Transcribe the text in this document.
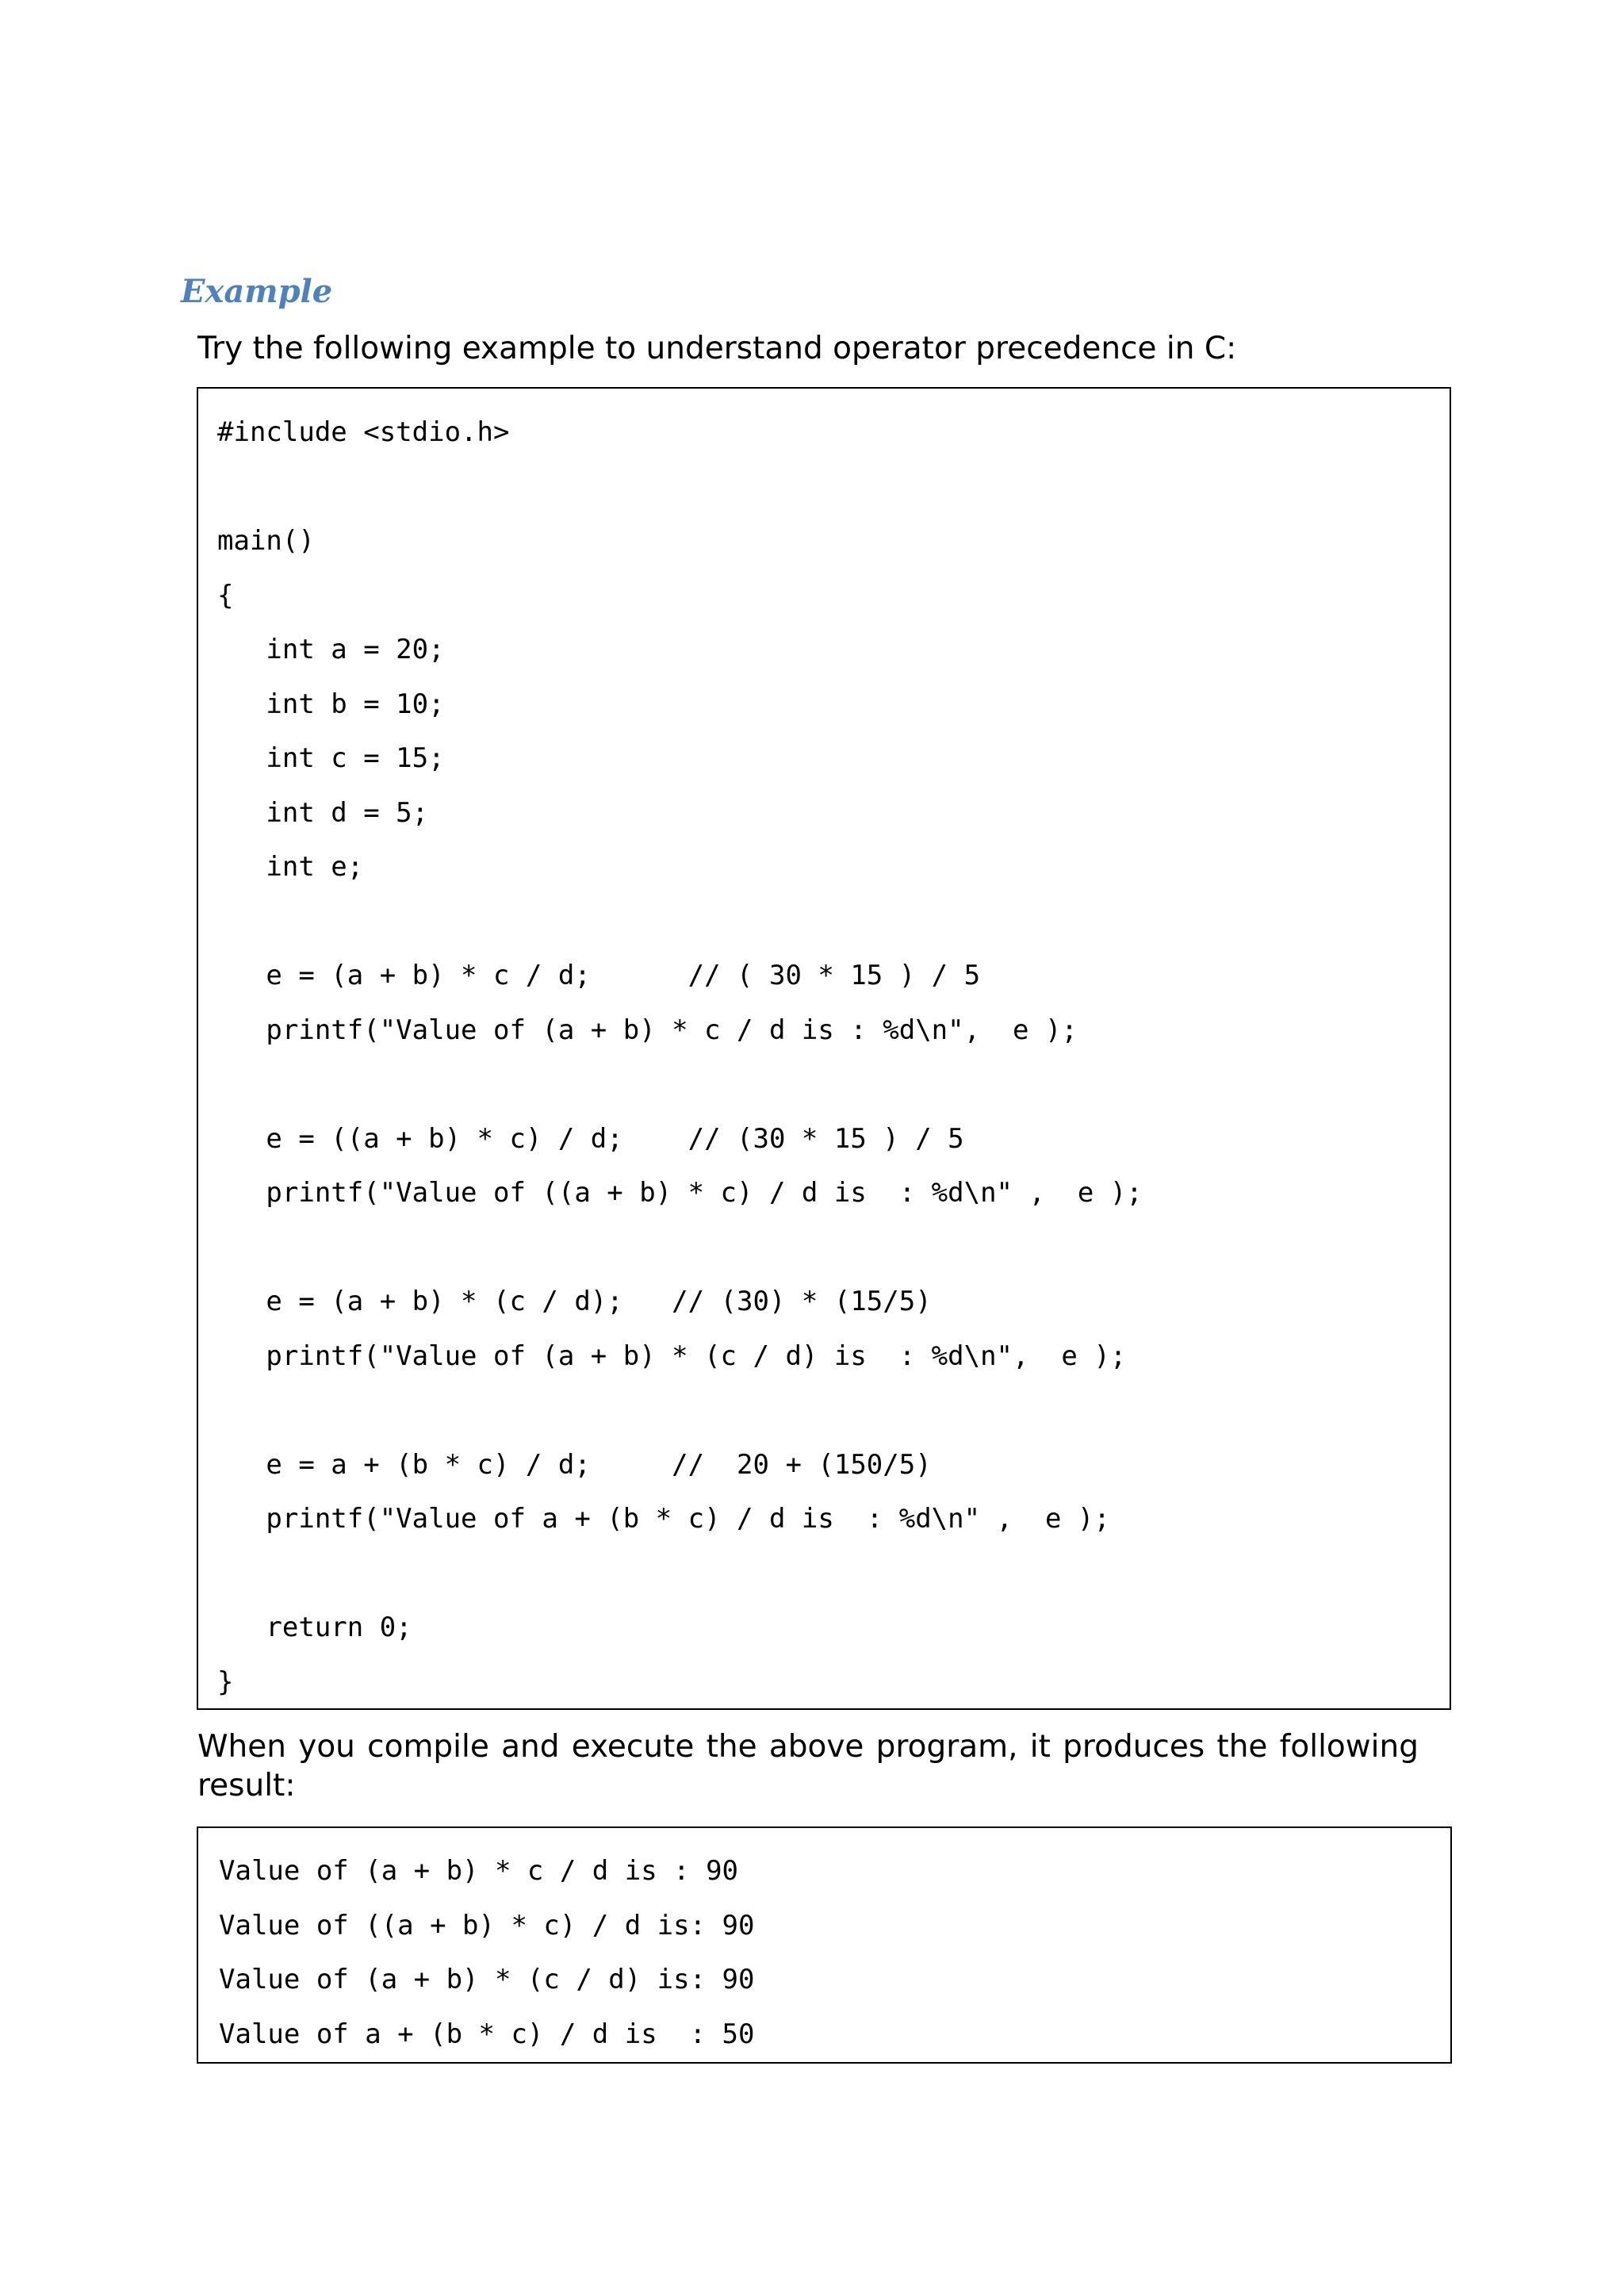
Example
Try the following example to understand operator precedence in C:
#include <stdio.h>

main()
{
int a = 20;
int b = 10;
int c = 15;
int d = 5;
int e;

e = (a + b) * c / d;      // ( 30 * 15 ) / 5
printf("Value of (a + b) * c / d is : %d\n",  e );

e = ((a + b) * c) / d;    // (30 * 15 ) / 5
printf("Value of ((a + b) * c) / d is  : %d\n" ,  e );

e = (a + b) * (c / d);   // (30) * (15/5)
printf("Value of (a + b) * (c / d) is  : %d\n",  e );

e = a + (b * c) / d;     //  20 + (150/5)
printf("Value of a + (b * c) / d is  : %d\n" ,  e );

return 0;
}
When you compile and execute the above program, it produces the following result:
Value of (a + b) * c / d is : 90
Value of ((a + b) * c) / d is: 90
Value of (a + b) * (c / d) is: 90
Value of a + (b * c) / d is  : 50
